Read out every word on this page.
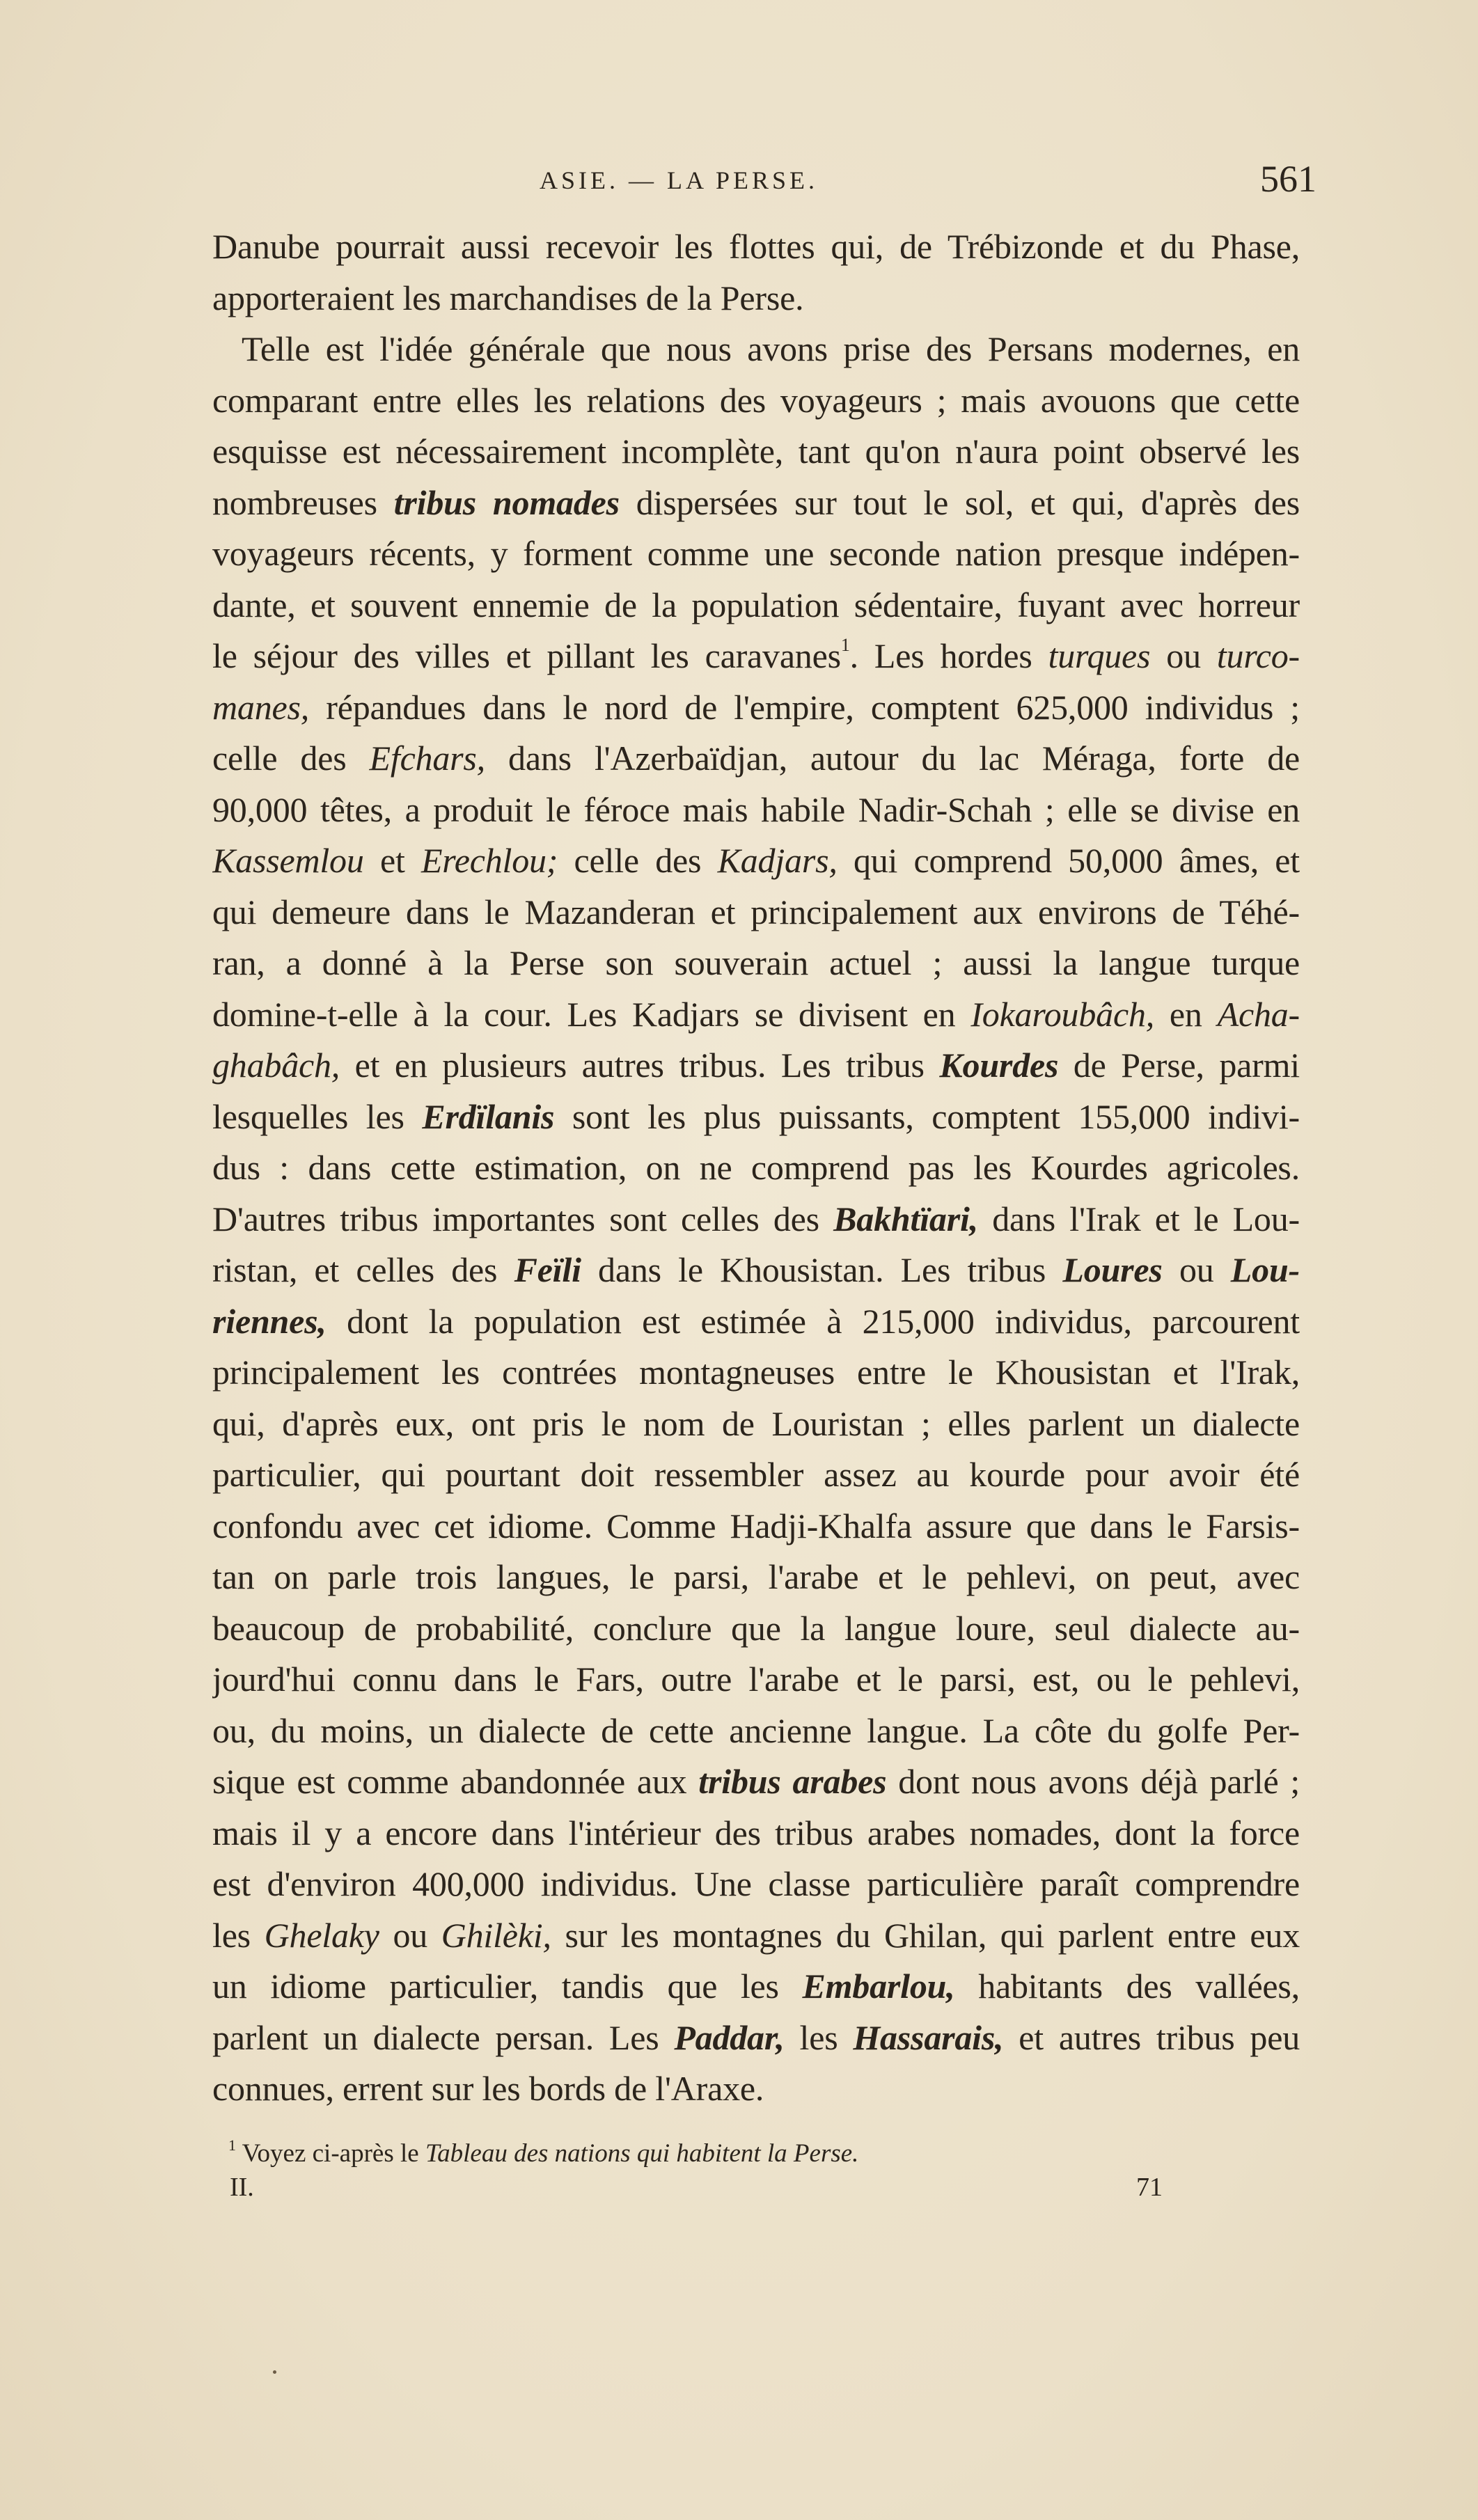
ASIE. — LA PERSE.	561

Danube pourrait aussi recevoir les flottes qui, de Trébizonde et du Phase,

apporteraient les marchandises de la Perse.

Telle est l'idée générale que nous avons prise des Persans modernes, en

comparant entre elles les relations des voyageurs ; mais avouons que cette

esquisse est nécessairement incomplète, tant qu'on n'aura point observé les

nombreuses tribus nomades dispersées sur tout le sol, et qui, d'après des

voyageurs récents, y forment comme une seconde nation presque indépen-

dante, et souvent ennemie de la population sédentaire, fuyant avec horreur

le séjour des villes et pillant les caravanes$^1$. Les hordes turques ou turco-

manes, répandues dans le nord de l'empire, comptent 625,000 individus ;

celle des Efchars, dans l'Azerbaïdjan, autour du lac Méraga, forte de

90,000 têtes, a produit le féroce mais habile Nadir-Schah ; elle se divise en

Kassemlou et Erechlou; celle des Kadjars, qui comprend 50,000 âmes, et

qui demeure dans le Mazanderan et principalement aux environs de Téhé-

ran, a donné à la Perse son souverain actuel ; aussi la langue turque

domine-t-elle à la cour. Les Kadjars se divisent en Iokaroubâch, en Acha-

ghabâch, et en plusieurs autres tribus. Les tribus Kourdes de Perse, parmi

lesquelles les Erdïlanis sont les plus puissants, comptent 155,000 indivi-

dus : dans cette estimation, on ne comprend pas les Kourdes agricoles.

D'autres tribus importantes sont celles des Bakhtïari, dans l'Irak et le Lou-

ristan, et celles des Feïli dans le Khousistan. Les tribus Loures ou Lou-

riennes, dont la population est estimée à 215,000 individus, parcourent

principalement les contrées montagneuses entre le Khousistan et l'Irak,

qui, d'après eux, ont pris le nom de Louristan ; elles parlent un dialecte

particulier, qui pourtant doit ressembler assez au kourde pour avoir été

confondu avec cet idiome. Comme Hadji-Khalfa assure que dans le Farsis-

tan on parle trois langues, le parsi, l'arabe et le pehlevi, on peut, avec

beaucoup de probabilité, conclure que la langue loure, seul dialecte au-

jourd'hui connu dans le Fars, outre l'arabe et le parsi, est, ou le pehlevi,

ou, du moins, un dialecte de cette ancienne langue. La côte du golfe Per-

sique est comme abandonnée aux tribus arabes dont nous avons déjà parlé ;

mais il y a encore dans l'intérieur des tribus arabes nomades, dont la force

est d'environ 400,000 individus. Une classe particulière paraît comprendre

les Ghelaky ou Ghilèki, sur les montagnes du Ghilan, qui parlent entre eux

un idiome particulier, tandis que les Embarlou, habitants des vallées,

parlent un dialecte persan. Les Paddar, les Hassarais, et autres tribus peu

connues, errent sur les bords de l'Araxe.

$^1$ Voyez ci-après le Tableau des nations qui habitent la Perse.
II.	71
